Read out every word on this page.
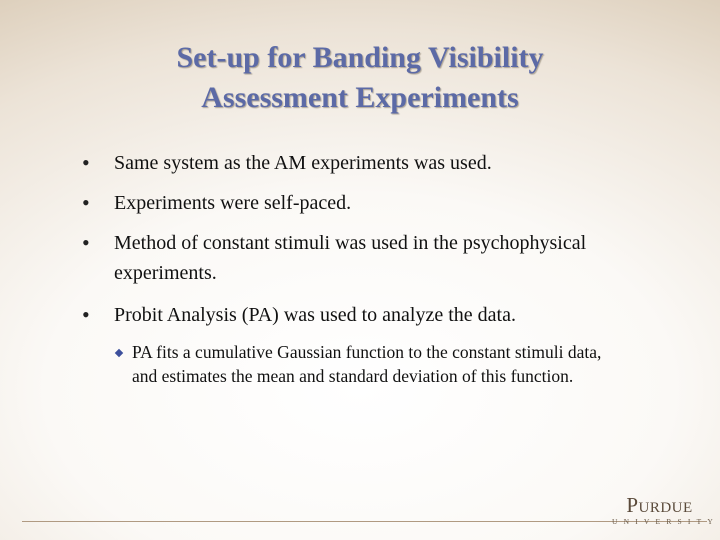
Set-up for Banding Visibility
Assessment Experiments
• Same system as the AM experiments was used.
• Experiments were self-paced.
• Method of constant stimuli was used in the psychophysical experiments.
• Probit Analysis (PA) was used to analyze the data.
PA fits a cumulative Gaussian function to the constant stimuli data, and estimates the mean and standard deviation of this function.
Purdue
UNIVERSITY
